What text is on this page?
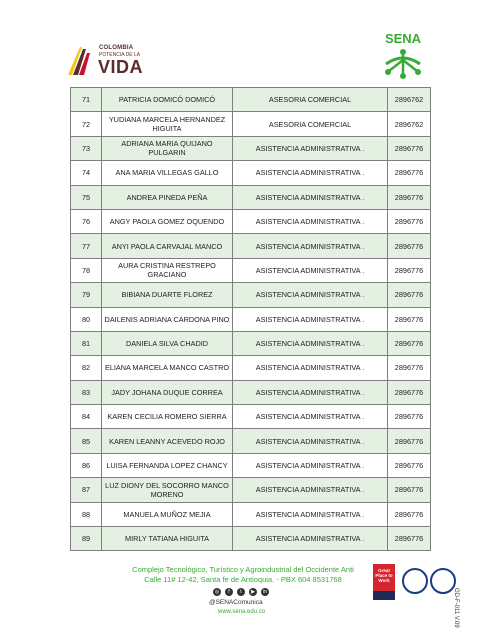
COLOMBIA
POTENCIA DE LA
VIDA
SENA
71	PATRICIA DOMICÓ DOMICÓ	ASESORIA COMERCIAL	2896762
72	YUDIANA MARCELA HERNANDEZ HIGUITA	ASESORIA COMERCIAL	2896762
73	ADRIANA MARIA QUIJANO PULGARIN	ASISTENCIA ADMINISTRATIVA .	2896776
74	ANA MARIA VILLEGAS GALLO	ASISTENCIA ADMINISTRATIVA .	2896776
75	ANDREA PINEDA PEÑA	ASISTENCIA ADMINISTRATIVA .	2896776
76	ANGY PAOLA GOMEZ OQUENDO	ASISTENCIA ADMINISTRATIVA .	2896776
77	ANYI PAOLA CARVAJAL MANCO	ASISTENCIA ADMINISTRATIVA .	2896776
78	AURA CRISTINA RESTREPO GRACIANO	ASISTENCIA ADMINISTRATIVA .	2896776
79	BIBIANA DUARTE FLOREZ	ASISTENCIA ADMINISTRATIVA .	2896776
80	DAILENIS ADRIANA CARDONA PINO	ASISTENCIA ADMINISTRATIVA .	2896776
81	DANIELA SILVA CHADID	ASISTENCIA ADMINISTRATIVA .	2896776
82	ELIANA MARCELA MANCO CASTRO	ASISTENCIA ADMINISTRATIVA .	2896776
83	JADY JOHANA DUQUE CORREA	ASISTENCIA ADMINISTRATIVA .	2896776
84	KAREN CECILIA ROMERO SIERRA	ASISTENCIA ADMINISTRATIVA .	2896776
85	KAREN LEANNY ACEVEDO ROJO	ASISTENCIA ADMINISTRATIVA .	2896776
86	LUISA FERNANDA LOPEZ CHANCY	ASISTENCIA ADMINISTRATIVA .	2896776
87	LUZ DIONY DEL SOCORRO MANCO MORENO	ASISTENCIA ADMINISTRATIVA .	2896776
88	MANUELA MUÑOZ MEJIA	ASISTENCIA ADMINISTRATIVA .	2896776
89	MIRLY TATIANA HIGUITA	ASISTENCIA ADMINISTRATIVA .	2896776
Complejo Tecnológico, Turístico y Agroindustrial del Occidente Anti
Calle 11# 12-42, Santa fe de Antioquia. - PBX 604 8531768
◎	f	t	▶	in
@SENAComunica
www.sena.edu.co
Great Place to Work
GD-F-011 V.09
